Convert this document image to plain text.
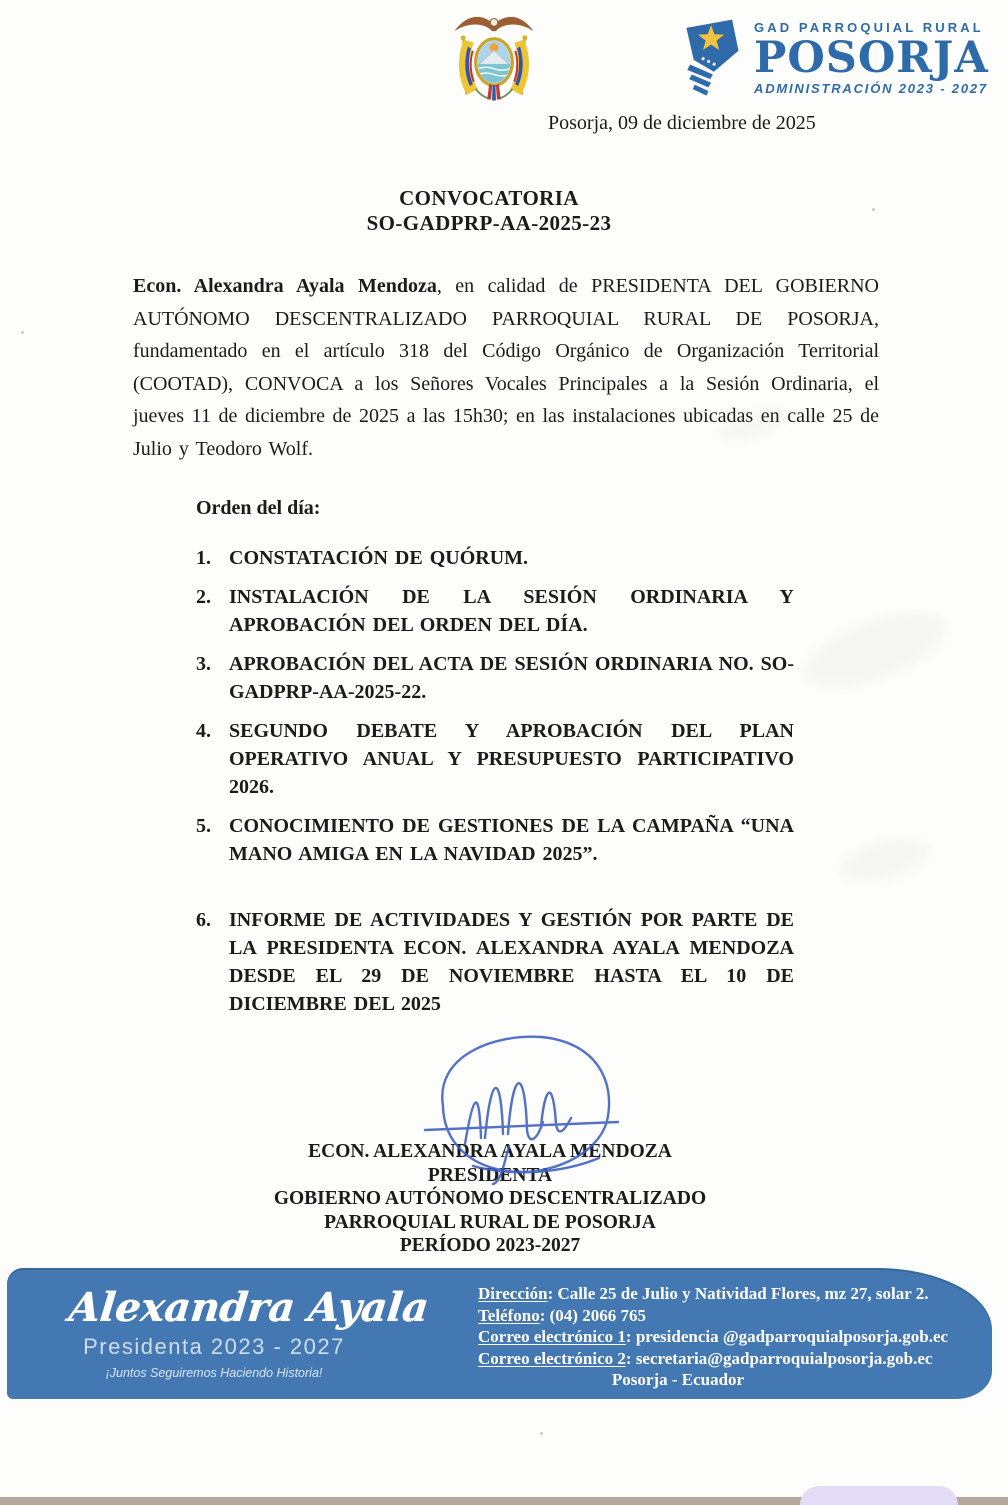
GAD PARROQUIAL RURAL
POSORJA
ADMINISTRACIÓN 2023 - 2027
Posorja, 09 de diciembre de 2025
CONVOCATORIA
SO-GADPRP-AA-2025-23

Econ. Alexandra Ayala Mendoza, en calidad de PRESIDENTA DEL GOBIERNO AUTÓNOMO DESCENTRALIZADO PARROQUIAL RURAL DE POSORJA, fundamentado en el artículo 318 del Código Orgánico de Organización Territorial (COOTAD), CONVOCA a los Señores Vocales Principales a la Sesión Ordinaria, el jueves 11 de diciembre de 2025 a las 15h30; en las instalaciones ubicadas en calle 25 de Julio y Teodoro Wolf.

Orden del día:
1. CONSTATACIÓN DE QUÓRUM.
2. INSTALACIÓN DE LA SESIÓN ORDINARIA Y APROBACIÓN DEL ORDEN DEL DÍA.
3. APROBACIÓN DEL ACTA DE SESIÓN ORDINARIA NO. SO-GADPRP-AA-2025-22.
4. SEGUNDO DEBATE Y APROBACIÓN DEL PLAN OPERATIVO ANUAL Y PRESUPUESTO PARTICIPATIVO 2026.
5. CONOCIMIENTO DE GESTIONES DE LA CAMPAÑA “UNA MANO AMIGA EN LA NAVIDAD 2025”.
6. INFORME DE ACTIVIDADES Y GESTIÓN POR PARTE DE LA PRESIDENTA ECON. ALEXANDRA AYALA MENDOZA DESDE EL 29 DE NOVIEMBRE HASTA EL 10 DE DICIEMBRE DEL 2025
ECON. ALEXANDRA AYALA MENDOZA
PRESIDENTA
GOBIERNO AUTÓNOMO DESCENTRALIZADO
PARROQUIAL RURAL DE POSORJA
PERÍODO 2023-2027
Alexandra Ayala
Presidenta 2023 - 2027
¡Juntos Seguiremos Haciendo Historia!
Dirección: Calle 25 de Julio y Natividad Flores, mz 27, solar 2.
Teléfono: (04) 2066 765
Correo electrónico 1: presidencia @gadparroquialposorja.gob.ec
Correo electrónico 2: secretaria@gadparroquialposorja.gob.ec
Posorja - Ecuador
